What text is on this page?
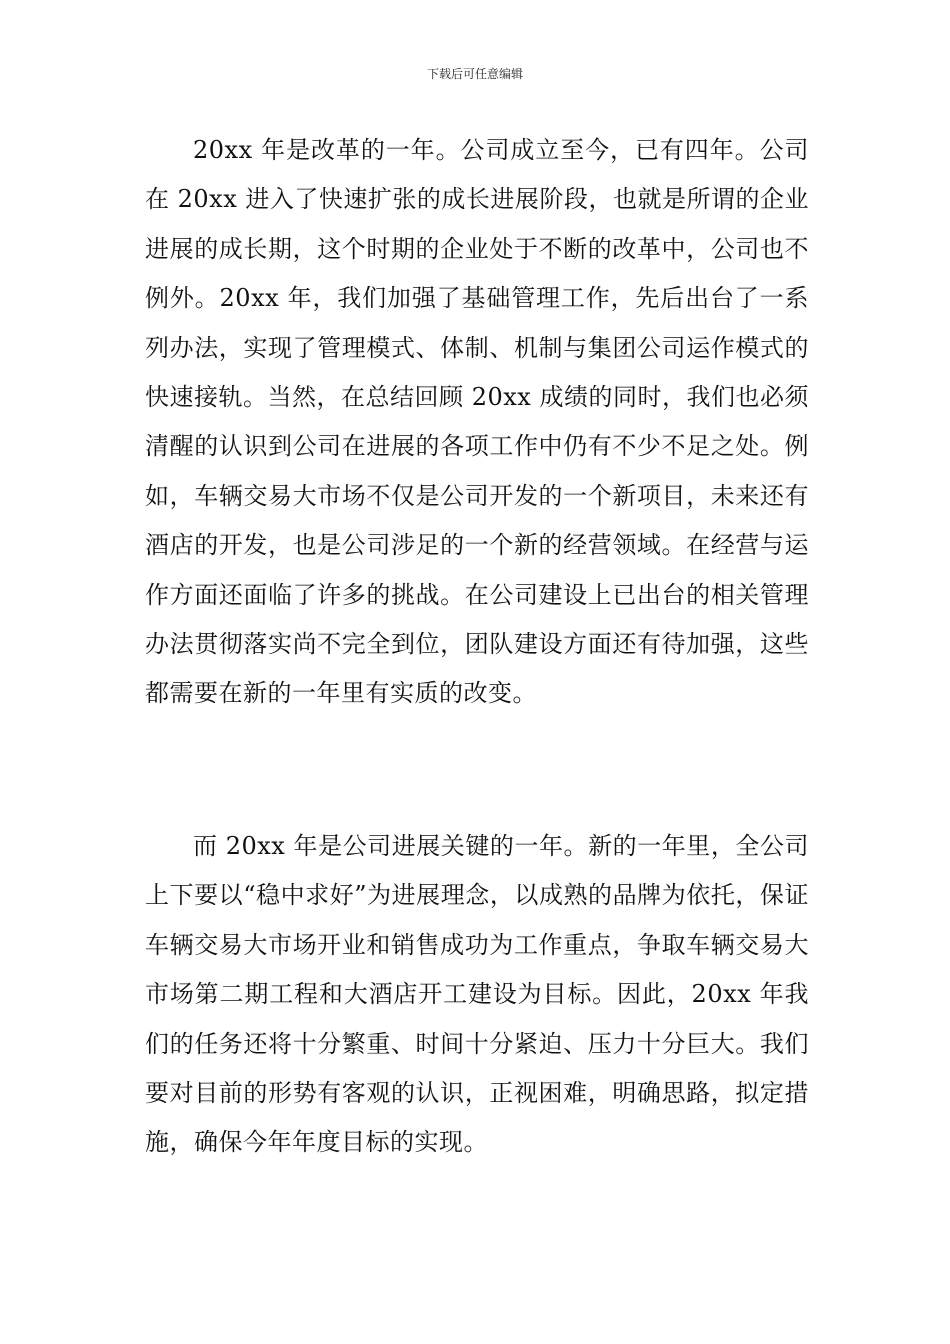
下载后可任意编辑

20xx 年是改革的一年。公司成立至今，已有四年。公司在 20xx 进入了快速扩张的成长进展阶段，也就是所谓的企业进展的成长期，这个时期的企业处于不断的改革中，公司也不例外。20xx 年，我们加强了基础管理工作，先后出台了一系列办法，实现了管理模式、体制、机制与集团公司运作模式的快速接轨。当然，在总结回顾 20xx 成绩的同时，我们也必须清醒的认识到公司在进展的各项工作中仍有不少不足之处。例如，车辆交易大市场不仅是公司开发的一个新项目，未来还有酒店的开发，也是公司涉足的一个新的经营领域。在经营与运作方面还面临了许多的挑战。在公司建设上已出台的相关管理办法贯彻落实尚不完全到位，团队建设方面还有待加强，这些都需要在新的一年里有实质的改变。

而 20xx 年是公司进展关键的一年。新的一年里，全公司上下要以“稳中求好”为进展理念，以成熟的品牌为依托，保证车辆交易大市场开业和销售成功为工作重点，争取车辆交易大市场第二期工程和大酒店开工建设为目标。因此，20xx 年我们的任务还将十分繁重、时间十分紧迫、压力十分巨大。我们要对目前的形势有客观的认识，正视困难，明确思路，拟定措施，确保今年年度目标的实现。
